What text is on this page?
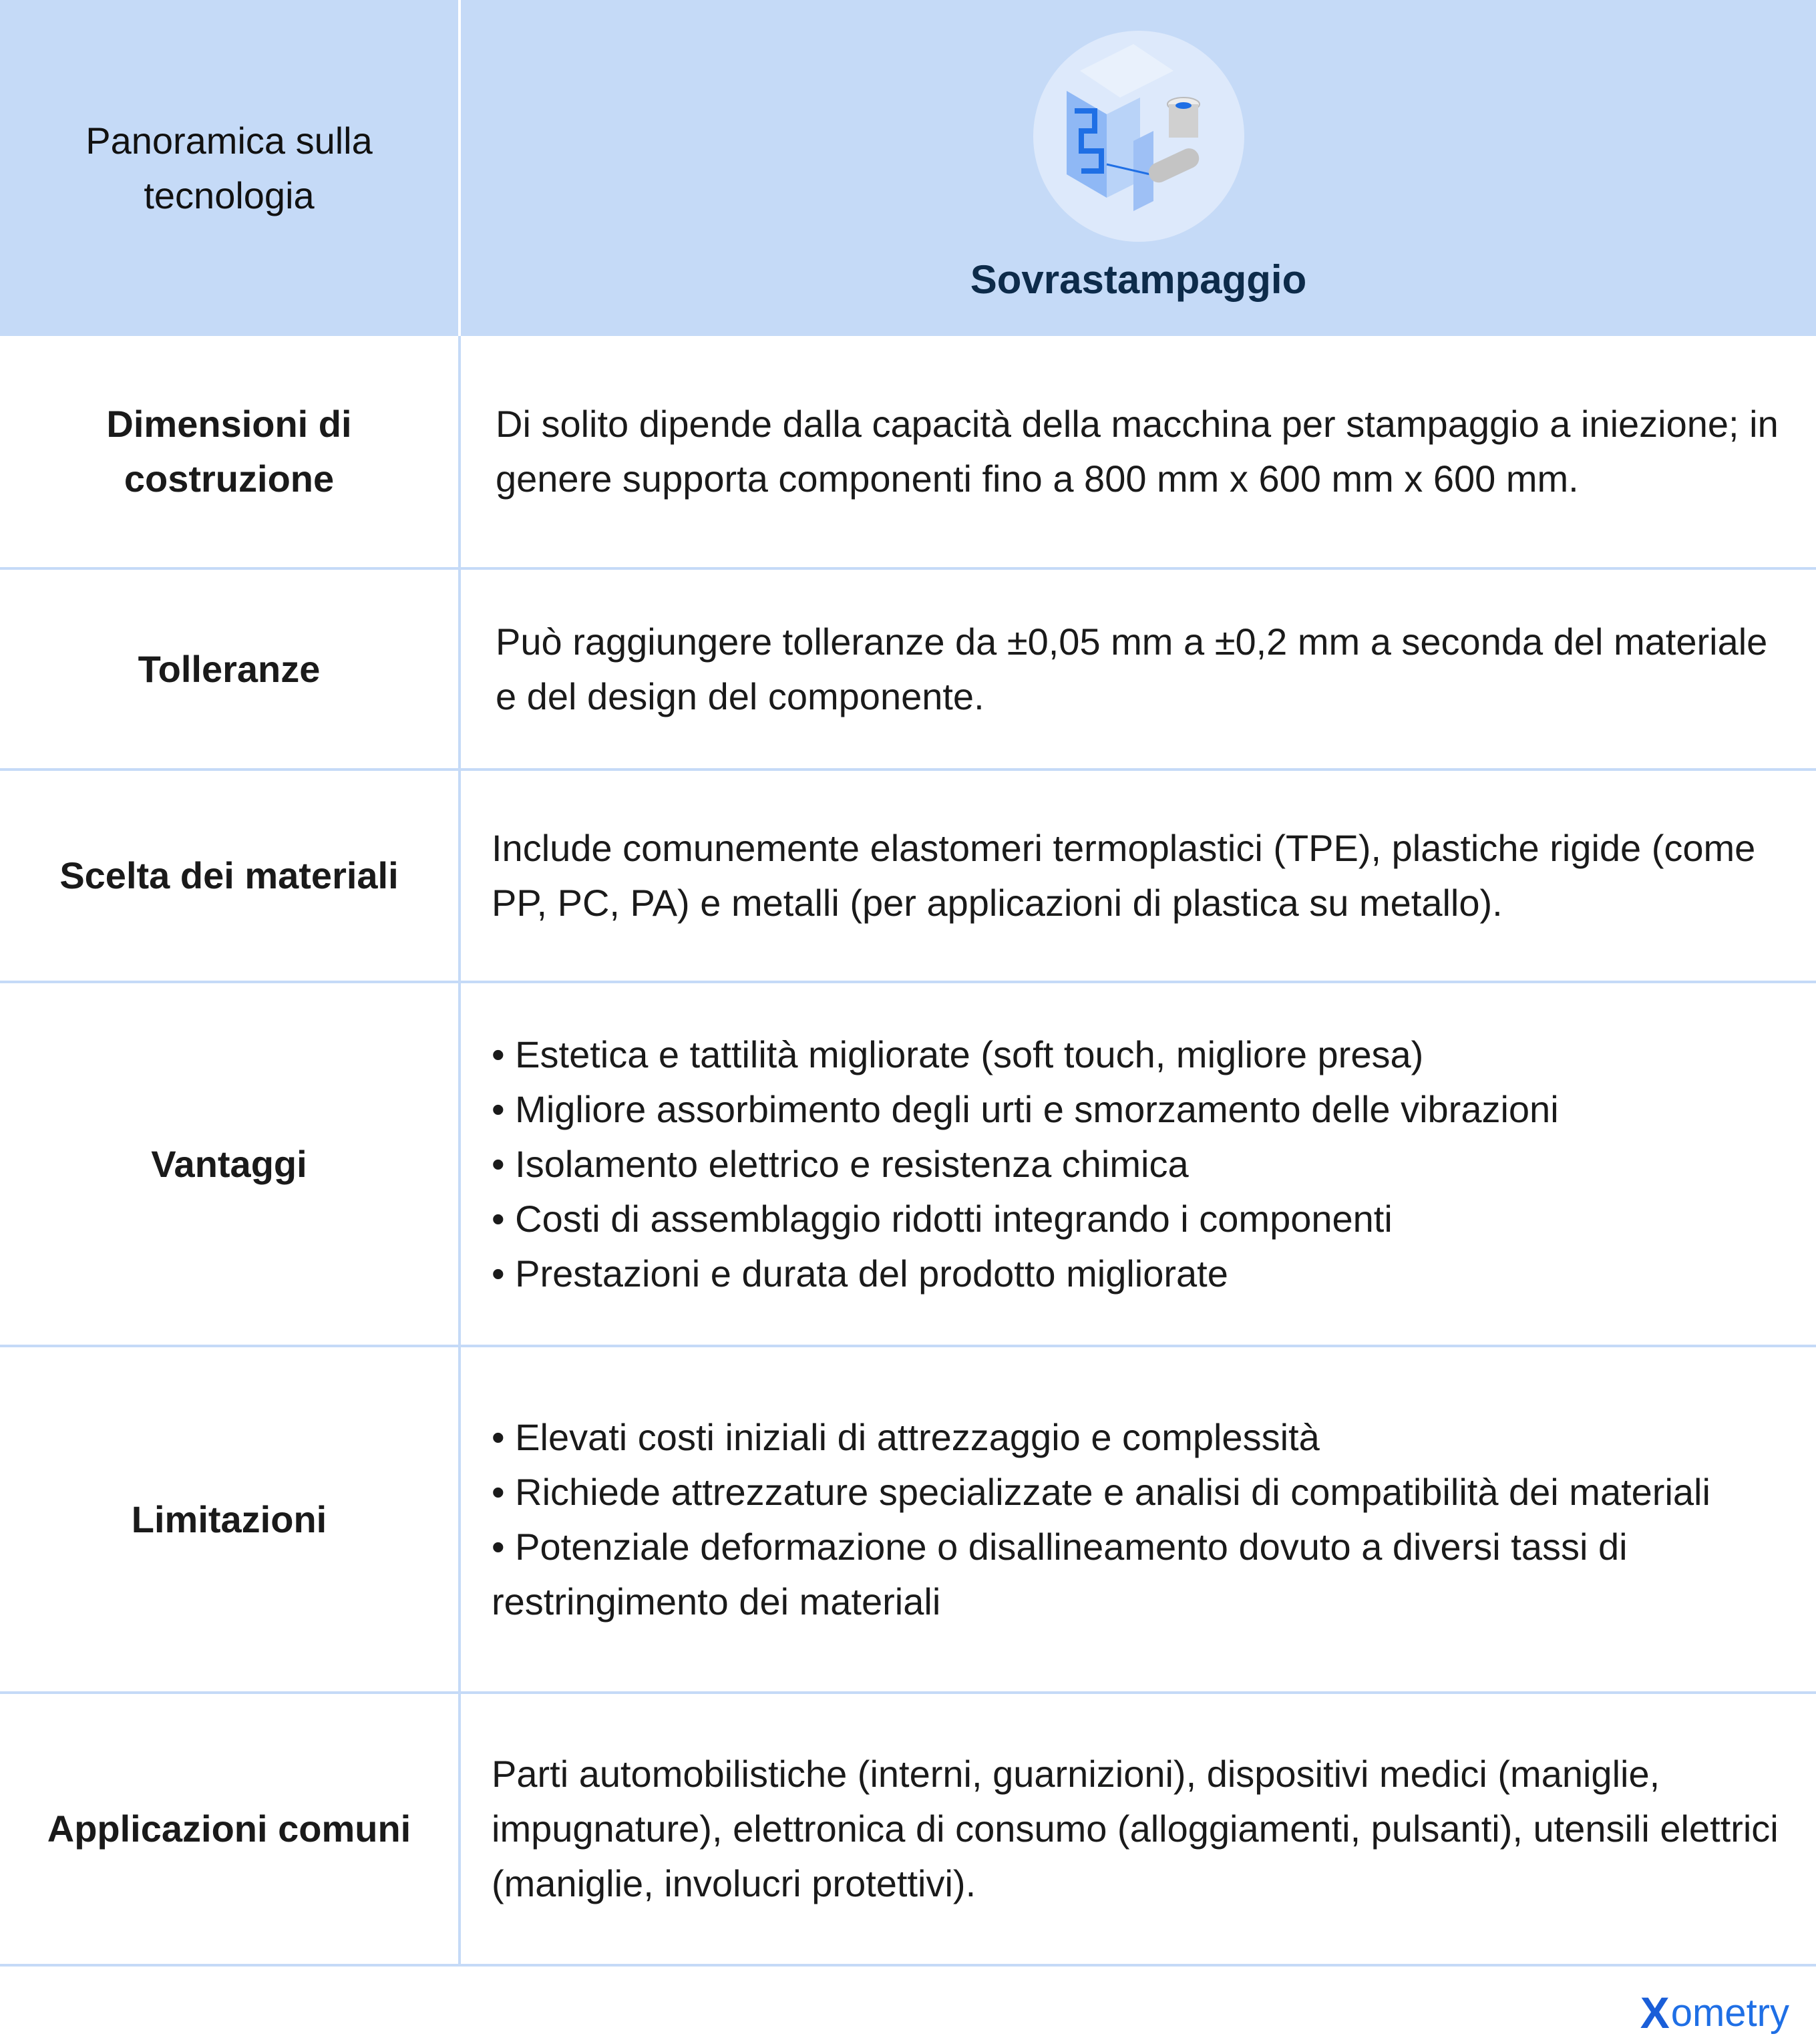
Panoramica sulla tecnologia
Sovrastampaggio
Dimensioni di costruzione
Di solito dipende dalla capacità della macchina per stampaggio a iniezione; in genere supporta componenti fino a 800 mm x 600 mm x 600 mm.
Tolleranze
Può raggiungere tolleranze da ±0,05 mm a ±0,2 mm a seconda del materiale e del design del componente.
Scelta dei materiali
Include comunemente elastomeri termoplastici (TPE), plastiche rigide (come PP, PC, PA) e metalli (per applicazioni di plastica su metallo).
Vantaggi
• Estetica e tattilità migliorate (soft touch, migliore presa)
• Migliore assorbimento degli urti e smorzamento delle vibrazioni
• Isolamento elettrico e resistenza chimica
• Costi di assemblaggio ridotti integrando i componenti
• Prestazioni e durata del prodotto migliorate
Limitazioni
• Elevati costi iniziali di attrezzaggio e complessità
• Richiede attrezzature specializzate e analisi di compatibilità dei materiali
• Potenziale deformazione o disallineamento dovuto a diversi tassi di restringimento dei materiali
Applicazioni comuni
Parti automobilistiche (interni, guarnizioni), dispositivi medici (maniglie, impugnature), elettronica di consumo (alloggiamenti, pulsanti), utensili elettrici (maniglie, involucri protettivi).
X ometry
